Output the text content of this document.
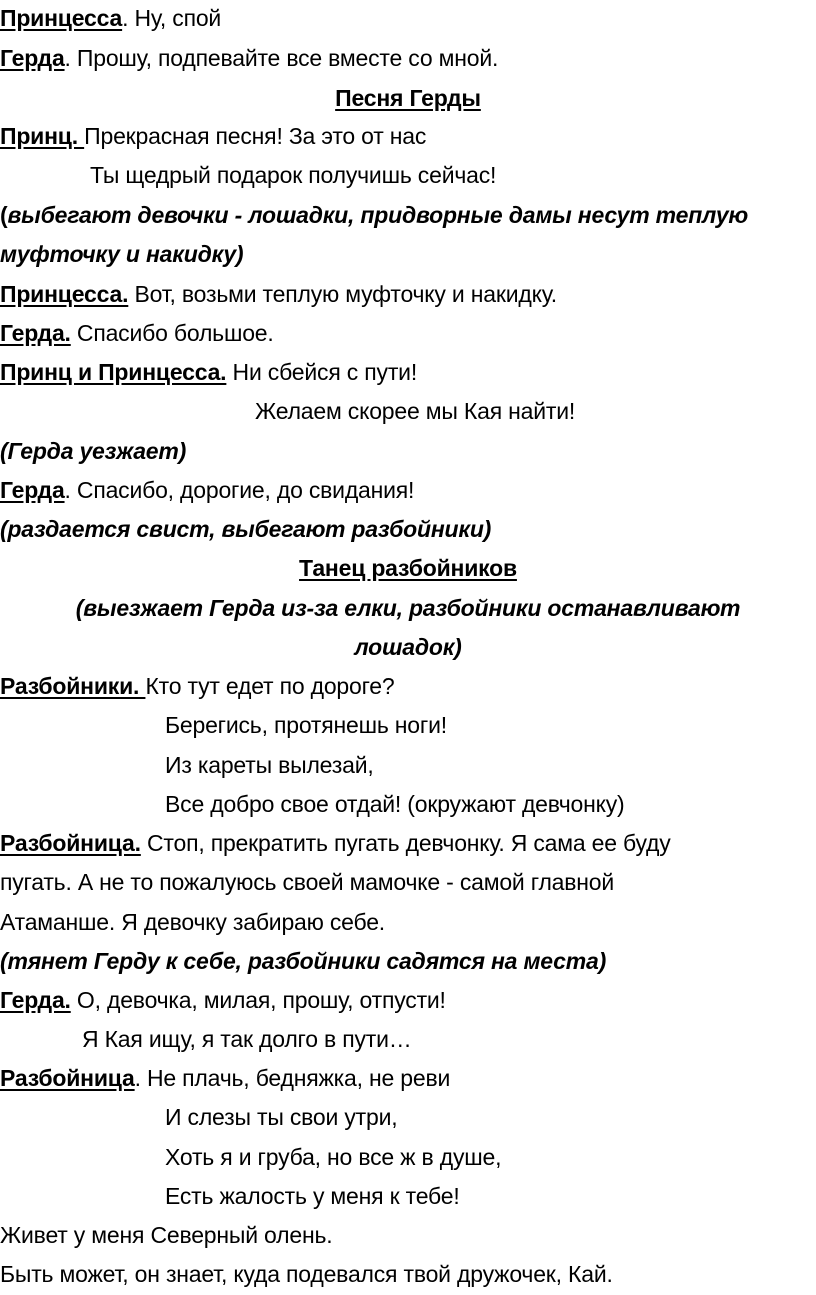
Принцесса. Ну, спой
Герда. Прошу, подпевайте все вместе со мной.
Песня Герды
Принц. Прекрасная песня! За это от нас
Ты щедрый подарок получишь сейчас!
(выбегают девочки - лошадки, придворные дамы несут теплую
муфточку и накидку)
Принцесса. Вот, возьми теплую муфточку и накидку.
Герда. Спасибо большое.
Принц и Принцесса. Ни сбейся с пути!
Желаем скорее мы Кая найти!
(Герда уезжает)
Герда. Спасибо, дорогие, до свидания!
(раздается свист, выбегают разбойники)
Танец разбойников
(выезжает Герда из-за елки, разбойники останавливают
лошадок)
Разбойники. Кто тут едет по дороге?
Берегись, протянешь ноги!
Из кареты вылезай,
Все добро свое отдай! (окружают девчонку)
Разбойница. Стоп, прекратить пугать девчонку. Я сама ее буду
пугать. А не то пожалуюсь своей мамочке - самой главной
Атаманше. Я девочку забираю себе.
(тянет Герду к себе, разбойники садятся на места)
Герда. О, девочка, милая, прошу, отпусти!
Я Кая ищу, я так долго в пути…
Разбойница. Не плачь, бедняжка, не реви
И слезы ты свои утри,
Хоть я и груба, но все ж в душе,
Есть жалость у меня к тебе!
Живет у меня Северный олень.
Быть может, он знает, куда подевался твой дружочек, Кай.
